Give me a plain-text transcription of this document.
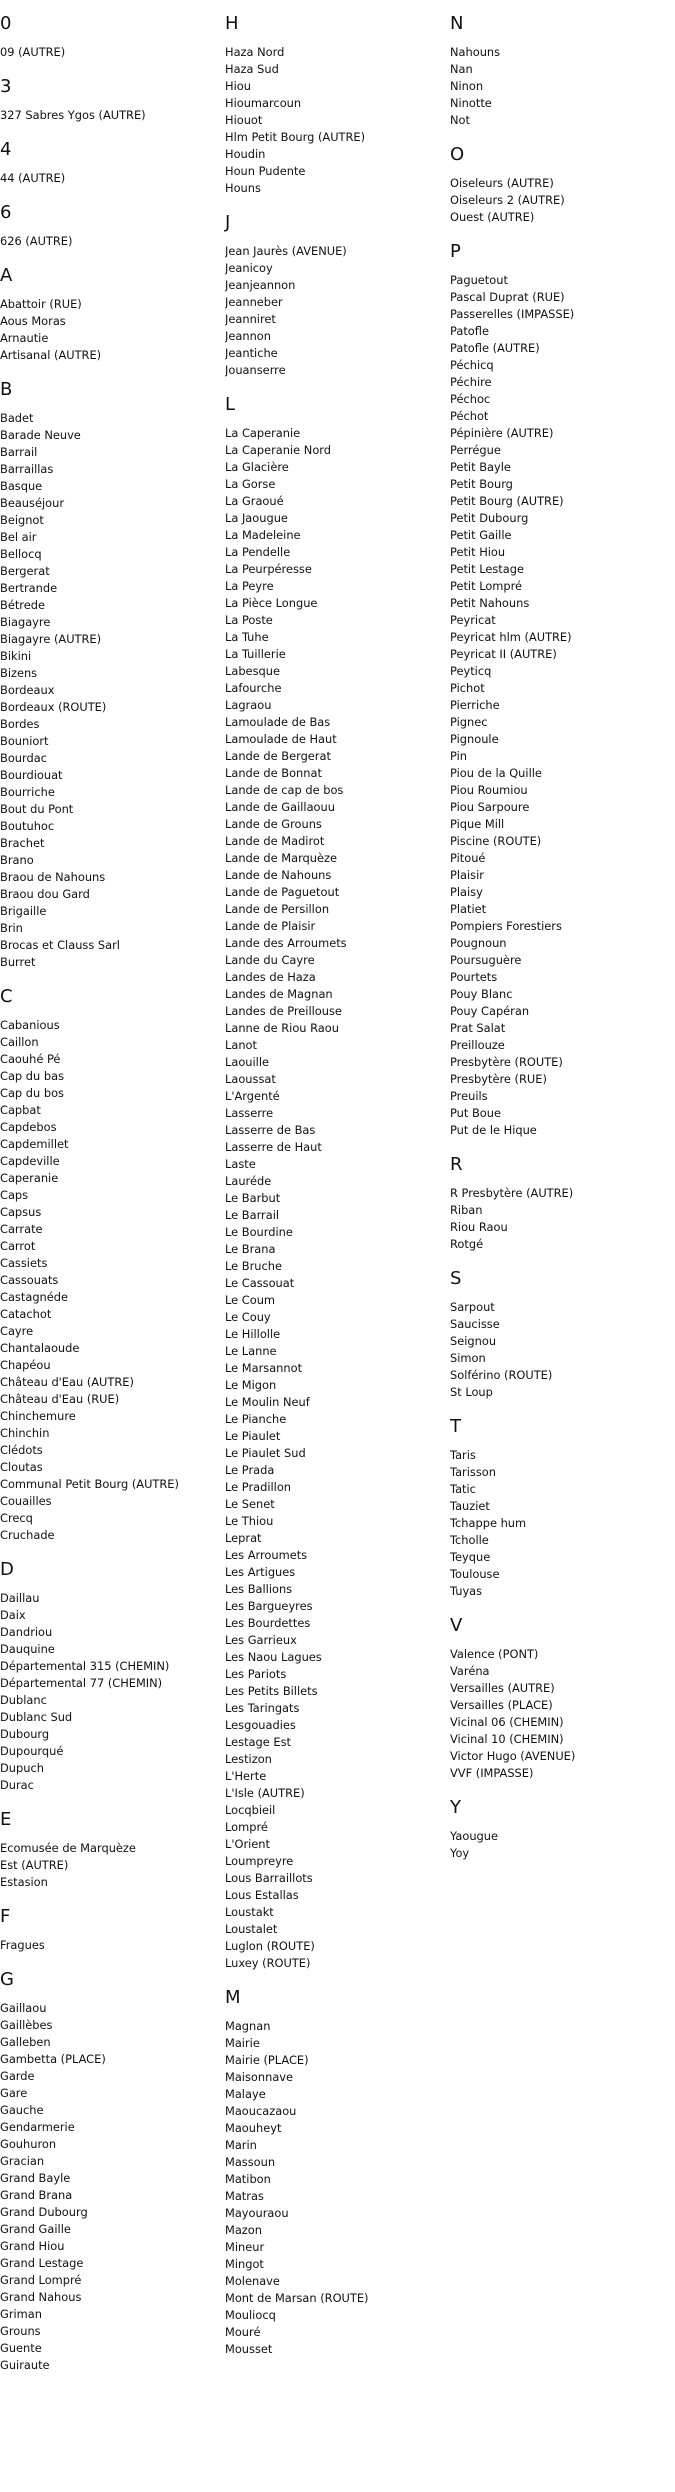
0
09 (AUTRE)
3
327 Sabres Ygos (AUTRE)
4
44 (AUTRE)
6
626 (AUTRE)
A
Abattoir (RUE)
Aous Moras
Arnautie
Artisanal (AUTRE)
B
Badet
Barade Neuve
Barrail
Barraillas
Basque
Beauséjour
Beignot
Bel air
Bellocq
Bergerat
Bertrande
Bétrede
Biagayre
Biagayre (AUTRE)
Bikini
Bizens
Bordeaux
Bordeaux (ROUTE)
Bordes
Bouniort
Bourdac
Bourdiouat
Bourriche
Bout du Pont
Boutuhoc
Brachet
Brano
Braou de Nahouns
Braou dou Gard
Brigaille
Brin
Brocas et Clauss Sarl
Burret
C
Cabanious
Caillon
Caouhé Pé
Cap du bas
Cap du bos
Capbat
Capdebos
Capdemillet
Capdeville
Caperanie
Caps
Capsus
Carrate
Carrot
Cassiets
Cassouats
Castagnéde
Catachot
Cayre
Chantalaoude
Chapéou
Château d'Eau (AUTRE)
Château d'Eau (RUE)
Chinchemure
Chinchin
Clédots
Cloutas
Communal Petit Bourg (AUTRE)
Couailles
Crecq
Cruchade
D
Daillau
Daix
Dandriou
Dauquine
Départemental 315 (CHEMIN)
Départemental 77 (CHEMIN)
Dublanc
Dublanc Sud
Dubourg
Dupourqué
Dupuch
Durac
E
Ecomusée de Marquèze
Est (AUTRE)
Estasion
F
Fragues
G
Gaillaou
Gaillèbes
Galleben
Gambetta (PLACE)
Garde
Gare
Gauche
Gendarmerie
Gouhuron
Gracian
Grand Bayle
Grand Brana
Grand Dubourg
Grand Gaille
Grand Hiou
Grand Lestage
Grand Lompré
Grand Nahous
Griman
Grouns
Guente
Guiraute
H
Haza Nord
Haza Sud
Hiou
Hioumarcoun
Hiouot
Hlm Petit Bourg (AUTRE)
Houdin
Houn Pudente
Houns
J
Jean Jaurès (AVENUE)
Jeanicoy
Jeanjeannon
Jeanneber
Jeanniret
Jeannon
Jeantiche
Jouanserre
L
La Caperanie
La Caperanie Nord
La Glacière
La Gorse
La Graoué
La Jaougue
La Madeleine
La Pendelle
La Peurpéresse
La Peyre
La Pièce Longue
La Poste
La Tuhe
La Tuillerie
Labesque
Lafourche
Lagraou
Lamoulade de Bas
Lamoulade de Haut
Lande de Bergerat
Lande de Bonnat
Lande de cap de bos
Lande de Gaillaouu
Lande de Grouns
Lande de Madirot
Lande de Marquèze
Lande de Nahouns
Lande de Paguetout
Lande de Persillon
Lande de Plaisir
Lande des Arroumets
Lande du Cayre
Landes de Haza
Landes de Magnan
Landes de Preillouse
Lanne de Riou Raou
Lanot
Laouille
Laoussat
L'Argenté
Lasserre
Lasserre de Bas
Lasserre de Haut
Laste
Lauréde
Le Barbut
Le Barrail
Le Bourdine
Le Brana
Le Bruche
Le Cassouat
Le Coum
Le Couy
Le Hillolle
Le Lanne
Le Marsannot
Le Migon
Le Moulin Neuf
Le Pianche
Le Piaulet
Le Piaulet Sud
Le Prada
Le Pradillon
Le Senet
Le Thiou
Leprat
Les Arroumets
Les Artigues
Les Ballions
Les Bargueyres
Les Bourdettes
Les Garrieux
Les Naou Lagues
Les Pariots
Les Petits Billets
Les Taringats
Lesgouadies
Lestage Est
Lestizon
L'Herte
L'Isle (AUTRE)
Locqbieil
Lompré
L'Orient
Loumpreyre
Lous Barraillots
Lous Estallas
Loustakt
Loustalet
Luglon (ROUTE)
Luxey (ROUTE)
M
Magnan
Mairie
Mairie (PLACE)
Maisonnave
Malaye
Maoucazaou
Maouheyt
Marin
Massoun
Matibon
Matras
Mayouraou
Mazon
Mineur
Mingot
Molenave
Mont de Marsan (ROUTE)
Mouliocq
Mouré
Mousset
N
Nahouns
Nan
Ninon
Ninotte
Not
O
Oiseleurs (AUTRE)
Oiseleurs 2 (AUTRE)
Ouest (AUTRE)
P
Paguetout
Pascal Duprat (RUE)
Passerelles (IMPASSE)
Patofle
Patofle (AUTRE)
Péchicq
Péchire
Péchoc
Péchot
Pépinière (AUTRE)
Perrégue
Petit Bayle
Petit Bourg
Petit Bourg (AUTRE)
Petit Dubourg
Petit Gaille
Petit Hiou
Petit Lestage
Petit Lompré
Petit Nahouns
Peyricat
Peyricat hlm (AUTRE)
Peyricat II (AUTRE)
Peyticq
Pichot
Pierriche
Pignec
Pignoule
Pin
Piou de la Quille
Piou Roumiou
Piou Sarpoure
Pique Mill
Piscine (ROUTE)
Pitoué
Plaisir
Plaisy
Platiet
Pompiers Forestiers
Pougnoun
Poursuguère
Pourtets
Pouy Blanc
Pouy Capéran
Prat Salat
Preillouze
Presbytère (ROUTE)
Presbytère (RUE)
Preuils
Put Boue
Put de le Hique
R
R Presbytère (AUTRE)
Riban
Riou Raou
Rotgé
S
Sarpout
Saucisse
Seignou
Simon
Solférino (ROUTE)
St Loup
T
Taris
Tarisson
Tatic
Tauziet
Tchappe hum
Tcholle
Teyque
Toulouse
Tuyas
V
Valence (PONT)
Varéna
Versailles (AUTRE)
Versailles (PLACE)
Vicinal 06 (CHEMIN)
Vicinal 10 (CHEMIN)
Victor Hugo (AVENUE)
VVF (IMPASSE)
Y
Yaougue
Yoy
